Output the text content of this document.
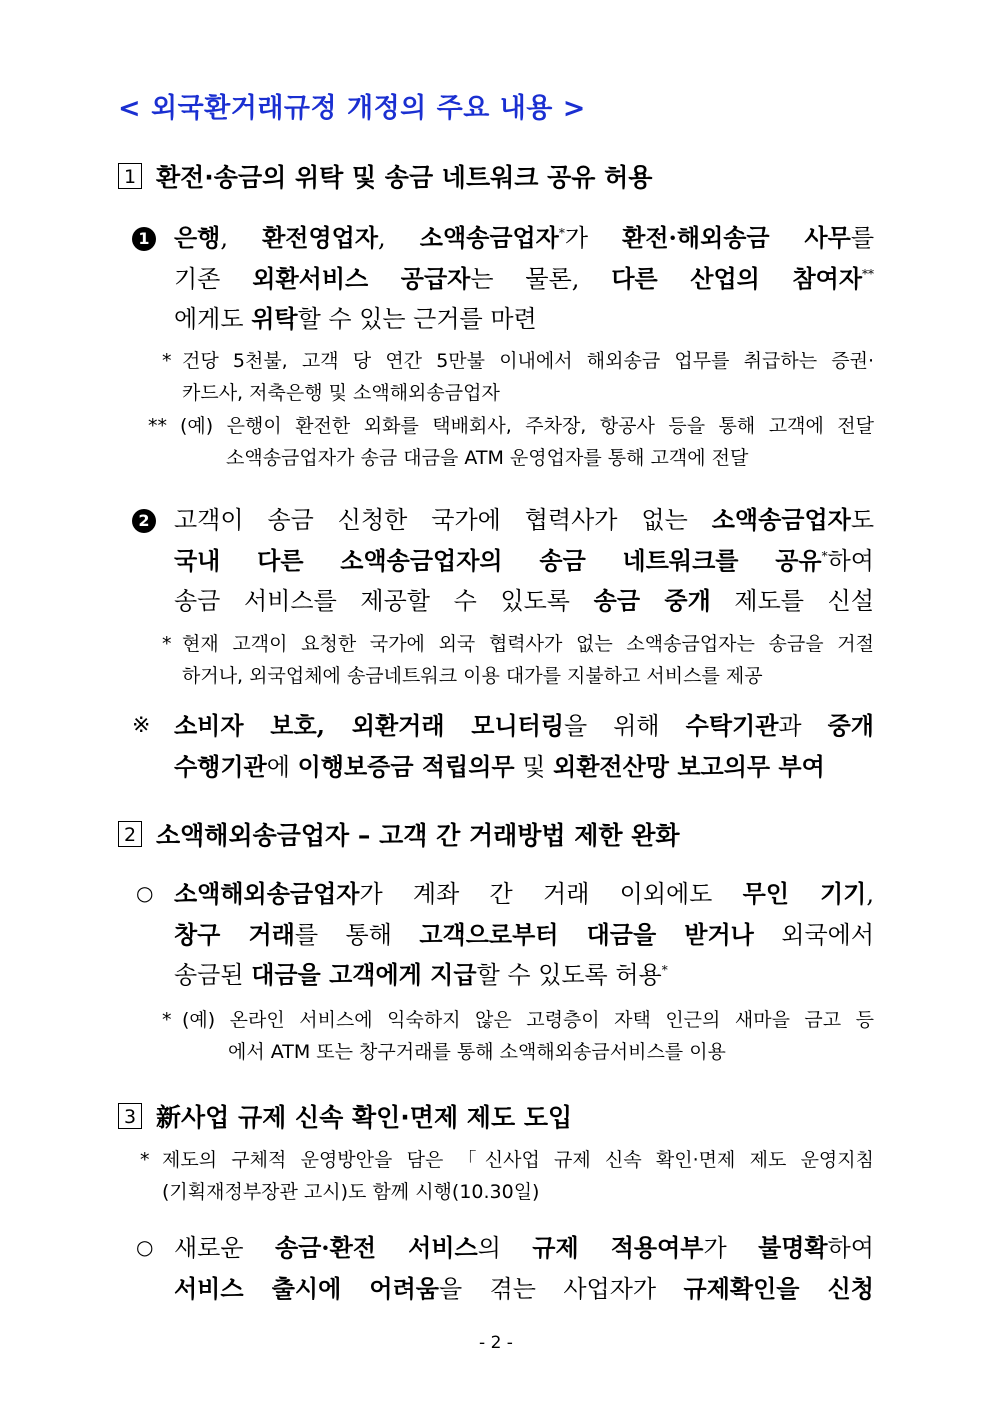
< 외국환거래규정 개정의 주요 내용 >
1 환전·송금의 위탁 및 송금 네트워크 공유 허용
1	은행, 환전영업자, 소액송금업자*가 환전·해외송금 사무를
기존 외환서비스 공급자는 물론, 다른 산업의 참여자**
에게도 위탁할 수 있는 근거를 마련
* 건당 5천불, 고객 당 연간 5만불 이내에서 해외송금 업무를 취급하는 증권·
카드사, 저축은행 및 소액해외송금업자
** (예) 은행이 환전한 외화를 택배회사, 주차장, 항공사 등을 통해 고객에 전달
소액송금업자가 송금 대금을 ATM 운영업자를 통해 고객에 전달
2	고객이 송금 신청한 국가에 협력사가 없는 소액송금업자도
국내 다른 소액송금업자의 송금 네트워크를 공유*하여
송금 서비스를 제공할 수 있도록 송금 중개 제도를 신설
* 현재 고객이 요청한 국가에 외국 협력사가 없는 소액송금업자는 송금을 거절
하거나, 외국업체에 송금네트워크 이용 대가를 지불하고 서비스를 제공
※ 소비자 보호, 외환거래 모니터링을 위해 수탁기관과 중개
수행기관에 이행보증금 적립의무 및 외환전산망 보고의무 부여
2 소액해외송금업자 – 고객 간 거래방법 제한 완화
○ 소액해외송금업자가 계좌 간 거래 이외에도 무인 기기,
창구 거래를 통해 고객으로부터 대금을 받거나 외국에서
송금된 대금을 고객에게 지급할 수 있도록 허용*
* (예) 온라인 서비스에 익숙하지 않은 고령층이 자택 인근의 새마을 금고 등
에서 ATM 또는 창구거래를 통해 소액해외송금서비스를 이용
3 新사업 규제 신속 확인·면제 제도 도입
* 제도의 구체적 운영방안을 담은 「신사업 규제 신속 확인·면제 제도 운영지침
(기획재정부장관 고시)도 함께 시행(10.30일)
○ 새로운 송금·환전 서비스의 규제 적용여부가 불명확하여
서비스 출시에 어려움을 겪는 사업자가 규제확인을 신청
- 2 -
